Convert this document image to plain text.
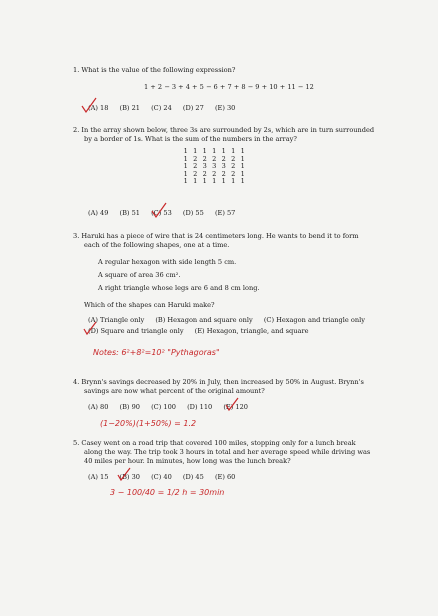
1. What is the value of the following expression?
1 + 2 − 3 + 4 + 5 − 6 + 7 + 8 − 9 + 10 + 11 − 12
(A) 18 (B) 21 (C) 24 (D) 27 (E) 30
2. In the array shown below, three 3s are surrounded by 2s, which are in turn surrounded
by a border of 1s. What is the sum of the numbers in the array?
1 1 1 1 1 1 1
1 2 2 2 2 2 1
1 2 3 3 3 2 1
1 2 2 2 2 2 1
1 1 1 1 1 1 1
(A) 49 (B) 51 (C) 53 (D) 55 (E) 57
3. Haruki has a piece of wire that is 24 centimeters long. He wants to bend it to form
each of the following shapes, one at a time.
A regular hexagon with side length 5 cm.
A square of area 36 cm².
A right triangle whose legs are 6 and 8 cm long.
Which of the shapes can Haruki make?
(A) Triangle only (B) Hexagon and square only (C) Hexagon and triangle only
(D) Square and triangle only (E) Hexagon, triangle, and square
Notes: 6²+8²=10² "Pythagoras"
4. Brynn's savings decreased by 20% in July, then increased by 50% in August. Brynn's
savings are now what percent of the original amount?
(A) 80 (B) 90 (C) 100 (D) 110 (E) 120
(1−20%)(1+50%) = 1.2
5. Casey went on a road trip that covered 100 miles, stopping only for a lunch break
along the way. The trip took 3 hours in total and her average speed while driving was
40 miles per hour. In minutes, how long was the lunch break?
(A) 15 (B) 30 (C) 40 (D) 45 (E) 60
3 − 100/40 = 1/2 h = 30min
